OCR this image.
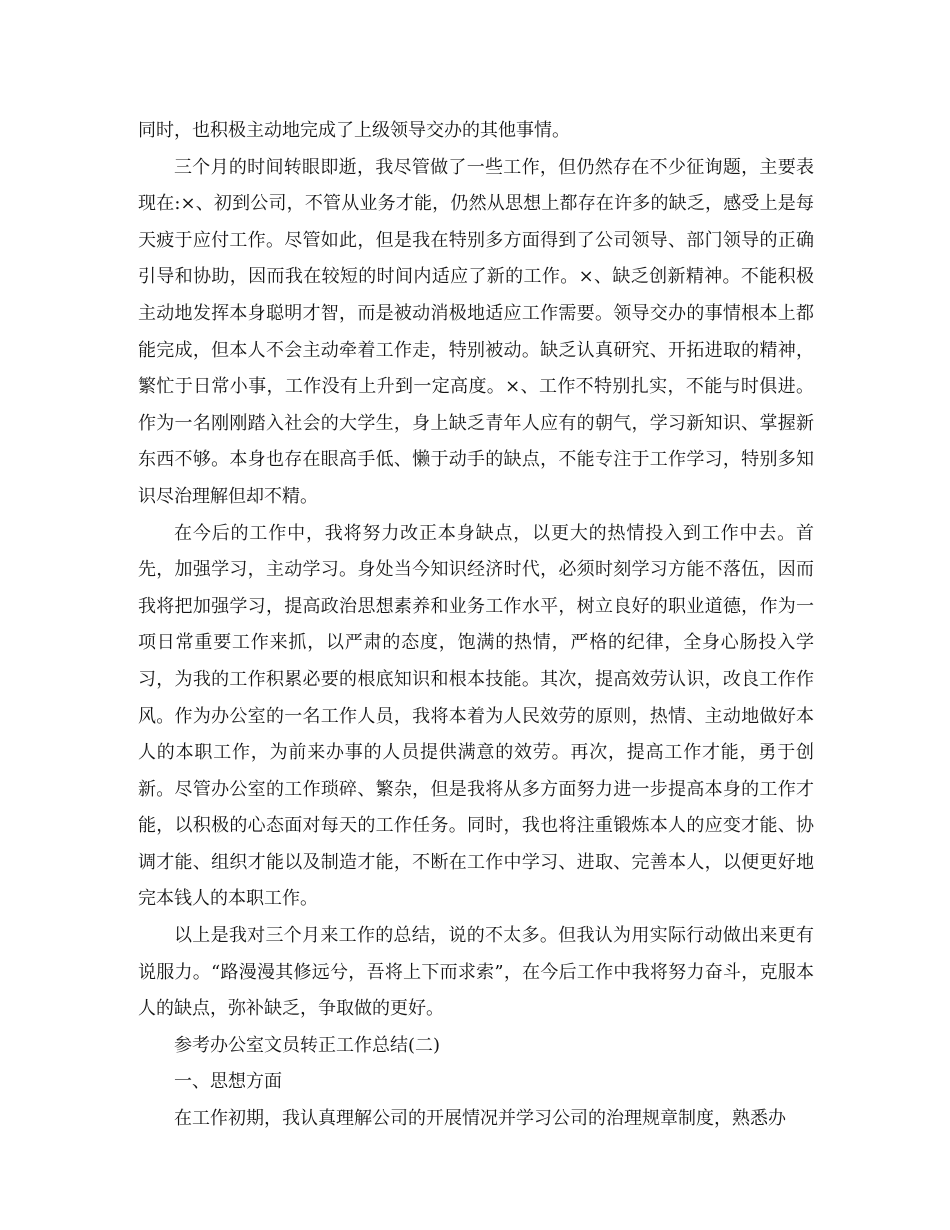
同时，也积极主动地完成了上级领导交办的其他事情。

三个月的时间转眼即逝，我尽管做了一些工作，但仍然存在不少征询题，主要表现在:×、初到公司，不管从业务才能，仍然从思想上都存在许多的缺乏，感受上是每天疲于应付工作。尽管如此，但是我在特别多方面得到了公司领导、部门领导的正确引导和协助，因而我在较短的时间内适应了新的工作。×、缺乏创新精神。不能积极主动地发挥本身聪明才智，而是被动消极地适应工作需要。领导交办的事情根本上都能完成，但本人不会主动牵着工作走，特别被动。缺乏认真研究、开拓进取的精神，繁忙于日常小事，工作没有上升到一定高度。×、工作不特别扎实，不能与时俱进。作为一名刚刚踏入社会的大学生，身上缺乏青年人应有的朝气，学习新知识、掌握新东西不够。本身也存在眼高手低、懒于动手的缺点，不能专注于工作学习，特别多知识尽治理解但却不精。

在今后的工作中，我将努力改正本身缺点，以更大的热情投入到工作中去。首先，加强学习，主动学习。身处当今知识经济时代，必须时刻学习方能不落伍，因而我将把加强学习，提高政治思想素养和业务工作水平，树立良好的职业道德，作为一项日常重要工作来抓，以严肃的态度，饱满的热情，严格的纪律，全身心肠投入学习，为我的工作积累必要的根底知识和根本技能。其次，提高效劳认识，改良工作作风。作为办公室的一名工作人员，我将本着为人民效劳的原则，热情、主动地做好本人的本职工作，为前来办事的人员提供满意的效劳。再次，提高工作才能，勇于创新。尽管办公室的工作琐碎、繁杂，但是我将从多方面努力进一步提高本身的工作才能，以积极的心态面对每天的工作任务。同时，我也将注重锻炼本人的应变才能、协调才能、组织才能以及制造才能，不断在工作中学习、进取、完善本人，以便更好地完本钱人的本职工作。

以上是我对三个月来工作的总结，说的不太多。但我认为用实际行动做出来更有说服力。“路漫漫其修远兮，吾将上下而求索”，在今后工作中我将努力奋斗，克服本人的缺点，弥补缺乏，争取做的更好。

参考办公室文员转正工作总结(二)

一、思想方面

在工作初期，我认真理解公司的开展情况并学习公司的治理规章制度，熟悉办
